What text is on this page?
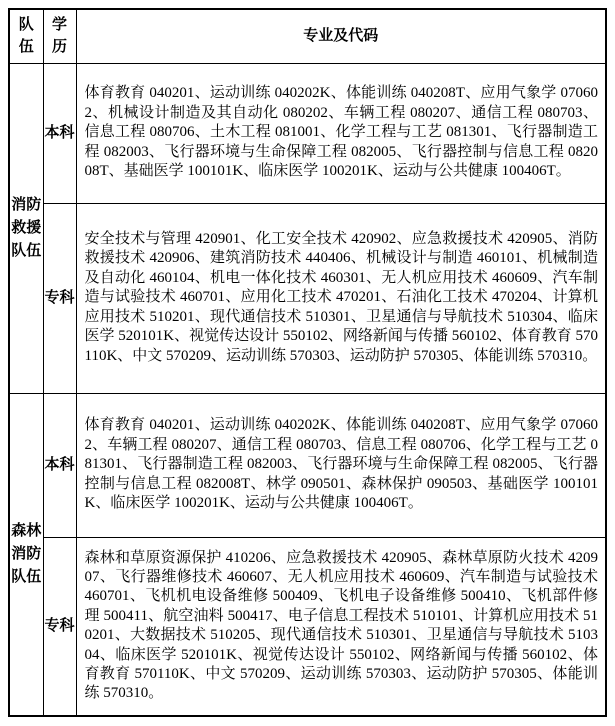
队伍	学历	专业及代码
消防救援队伍	本科	体育教育 040201、运动训练 040202K、体能训练 040208T、应用气象学 070602、机械设计制造及其自动化 080202、车辆工程 080207、通信工程 080703、信息工程 080706、土木工程 081001、化学工程与工艺 081301、飞行器制造工程 082003、飞行器环境与生命保障工程 082005、飞行器控制与信息工程 082008T、基础医学 100101K、临床医学 100201K、运动与公共健康 100406T。
	专科	安全技术与管理 420901、化工安全技术 420902、应急救援技术 420905、消防救援技术 420906、建筑消防技术 440406、机械设计与制造 460101、机械制造及自动化 460104、机电一体化技术 460301、无人机应用技术 460609、汽车制造与试验技术 460701、应用化工技术 470201、石油化工技术 470204、计算机应用技术 510201、现代通信技术 510301、卫星通信与导航技术 510304、临床医学 520101K、视觉传达设计 550102、网络新闻与传播 560102、体育教育 570110K、中文 570209、运动训练 570303、运动防护 570305、体能训练 570310。
森林消防队伍	本科	体育教育 040201、运动训练 040202K、体能训练 040208T、应用气象学 070602、车辆工程 080207、通信工程 080703、信息工程 080706、化学工程与工艺 081301、飞行器制造工程 082003、飞行器环境与生命保障工程 082005、飞行器控制与信息工程 082008T、林学 090501、森林保护 090503、基础医学 100101K、临床医学 100201K、运动与公共健康 100406T。
	专科	森林和草原资源保护 410206、应急救援技术 420905、森林草原防火技术 420907、飞行器维修技术 460607、无人机应用技术 460609、汽车制造与试验技术 460701、飞机机电设备维修 500409、飞机电子设备维修 500410、飞机部件修理 500411、航空油料 500417、电子信息工程技术 510101、计算机应用技术 510201、大数据技术 510205、现代通信技术 510301、卫星通信与导航技术 510304、临床医学 520101K、视觉传达设计 550102、网络新闻与传播 560102、体育教育 570110K、中文 570209、运动训练 570303、运动防护 570305、体能训练 570310。
